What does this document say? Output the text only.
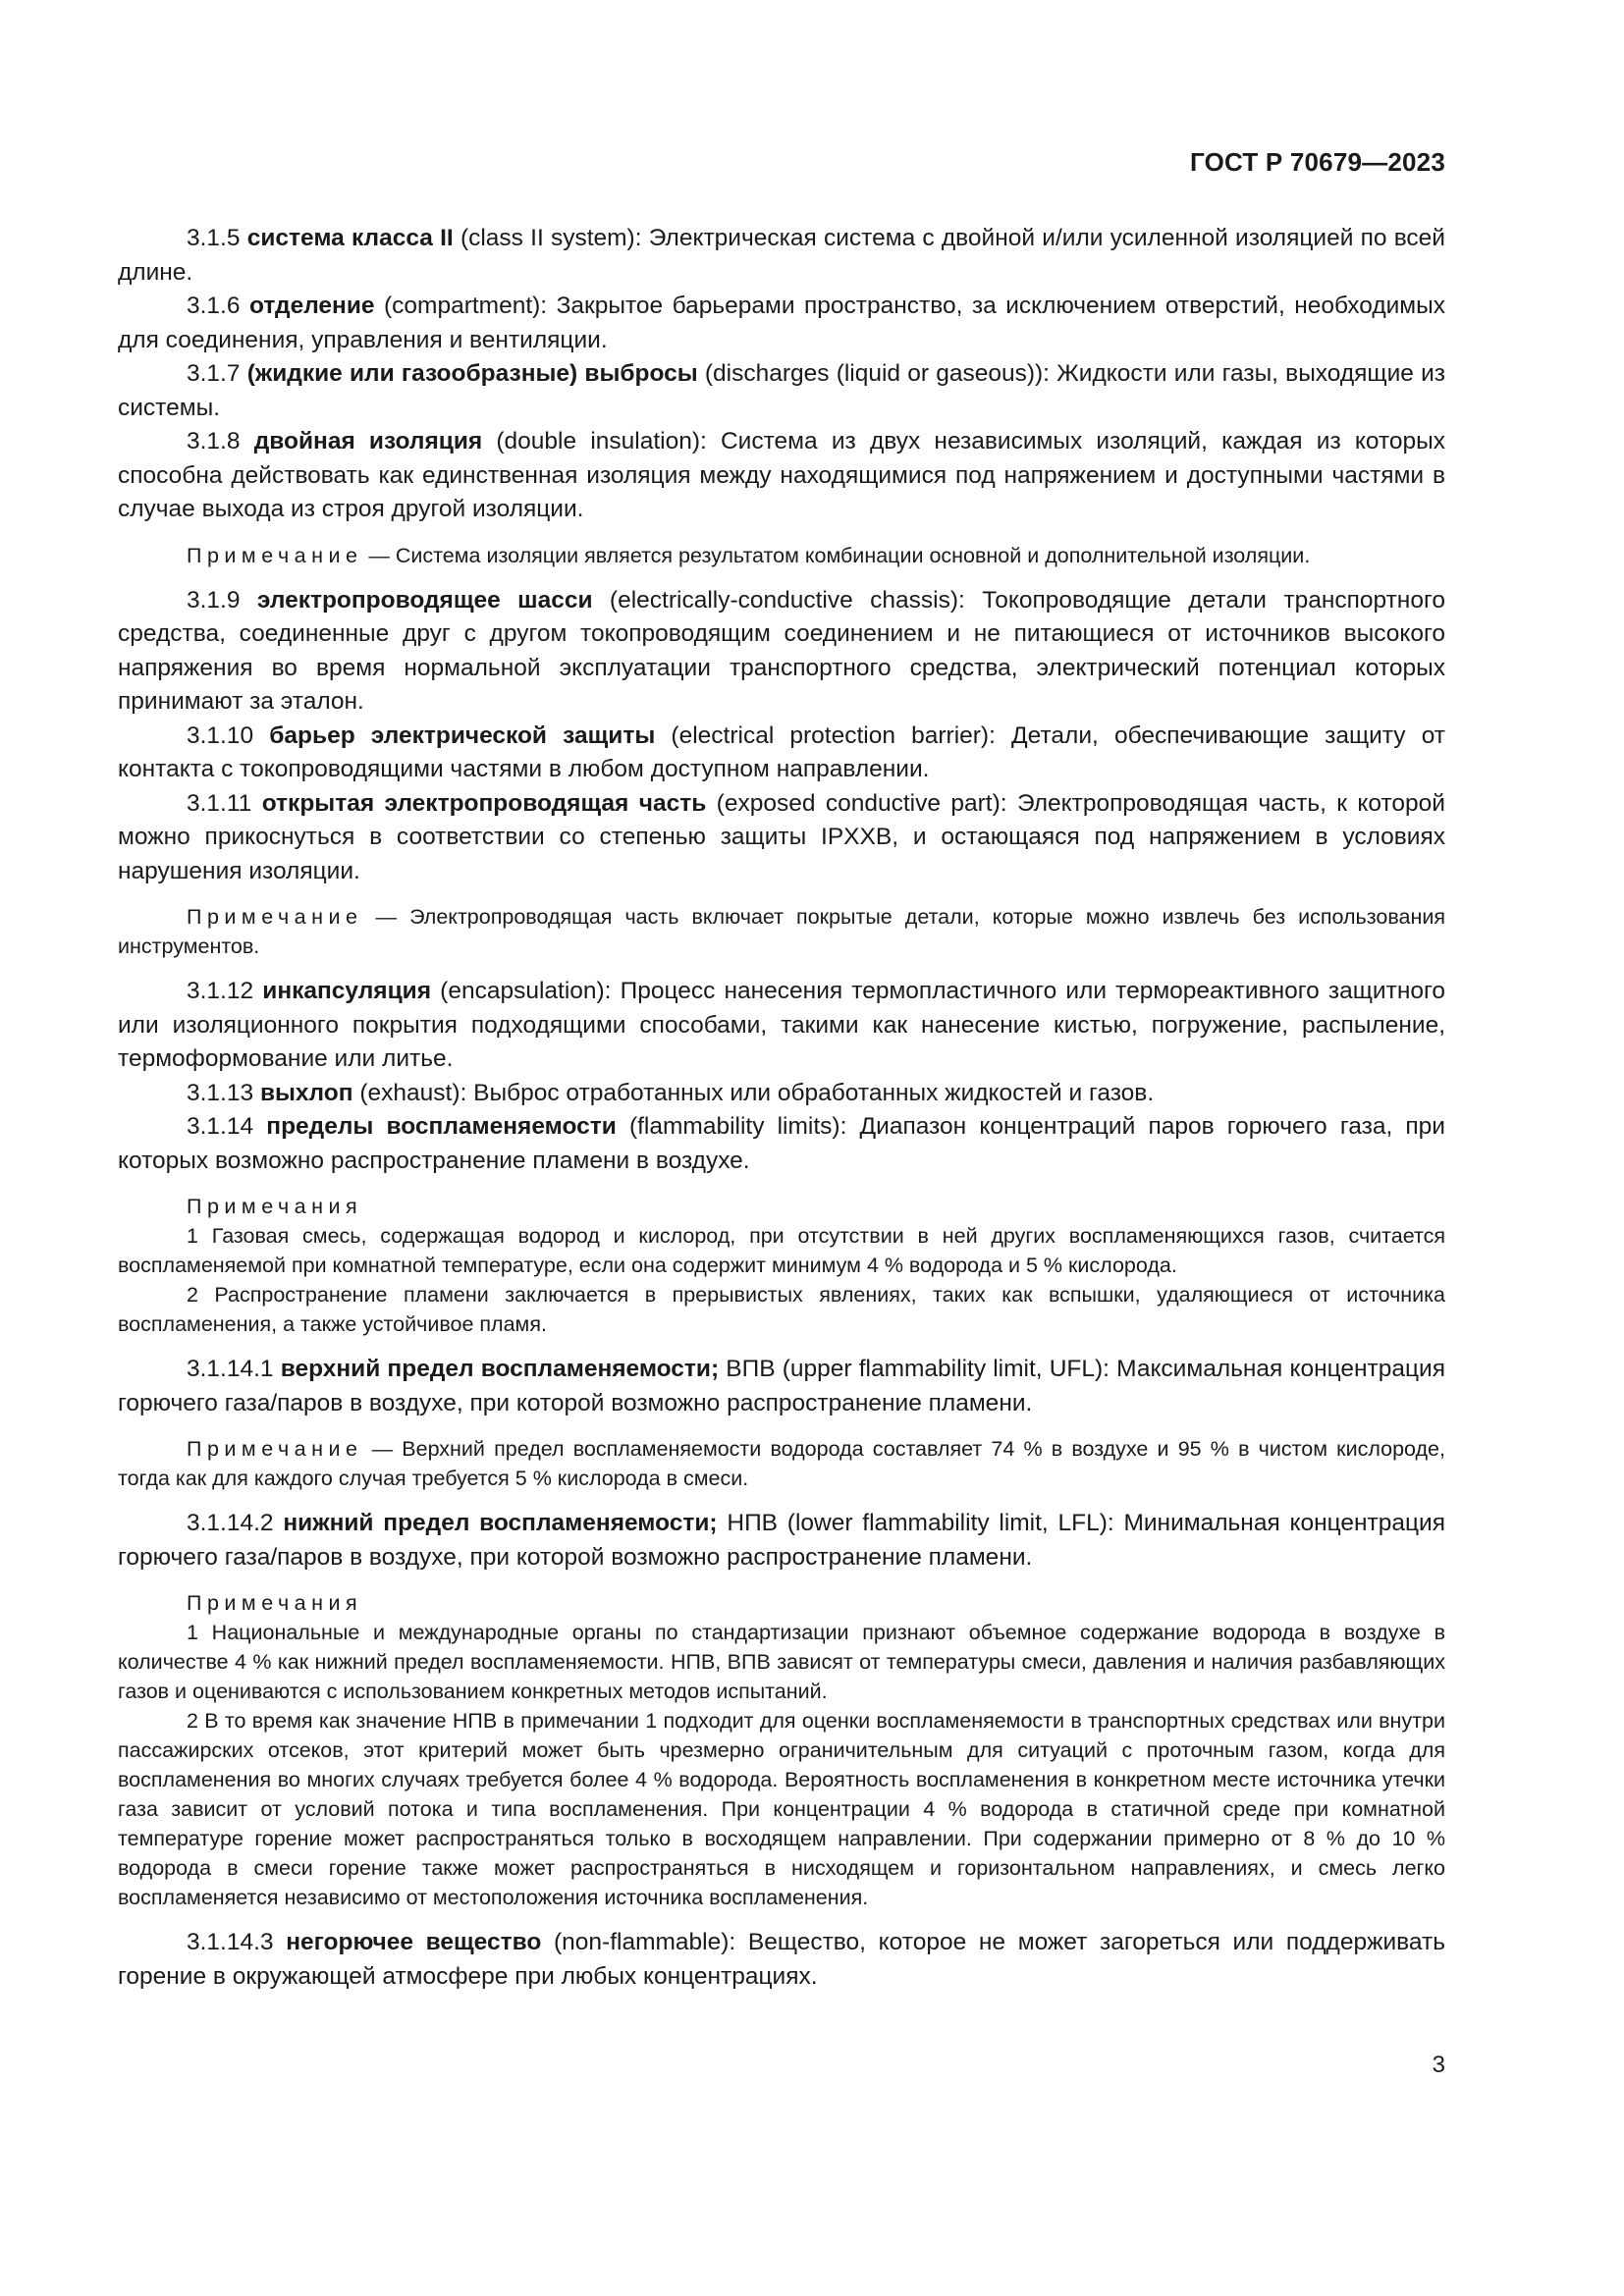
ГОСТ Р 70679—2023

3.1.5 система класса II (class II system): Электрическая система с двойной и/или усиленной изоляцией по всей длине.

3.1.6 отделение (compartment): Закрытое барьерами пространство, за исключением отверстий, необходимых для соединения, управления и вентиляции.

3.1.7 (жидкие или газообразные) выбросы (discharges (liquid or gaseous)): Жидкости или газы, выходящие из системы.

3.1.8 двойная изоляция (double insulation): Система из двух независимых изоляций, каждая из которых способна действовать как единственная изоляция между находящимися под напряжением и доступными частями в случае выхода из строя другой изоляции.

Примечание — Система изоляции является результатом комбинации основной и дополнительной изоляции.

3.1.9 электропроводящее шасси (electrically-conductive chassis): Токопроводящие детали транспортного средства, соединенные друг с другом токопроводящим соединением и не питающиеся от источников высокого напряжения во время нормальной эксплуатации транспортного средства, электрический потенциал которых принимают за эталон.

3.1.10 барьер электрической защиты (electrical protection barrier): Детали, обеспечивающие защиту от контакта с токопроводящими частями в любом доступном направлении.

3.1.11 открытая электропроводящая часть (exposed conductive part): Электропроводящая часть, к которой можно прикоснуться в соответствии со степенью защиты IPXXB, и остающаяся под напряжением в условиях нарушения изоляции.

Примечание — Электропроводящая часть включает покрытые детали, которые можно извлечь без использования инструментов.

3.1.12 инкапсуляция (encapsulation): Процесс нанесения термопластичного или термореактивного защитного или изоляционного покрытия подходящими способами, такими как нанесение кистью, погружение, распыление, термоформование или литье.

3.1.13 выхлоп (exhaust): Выброс отработанных или обработанных жидкостей и газов.

3.1.14 пределы воспламеняемости (flammability limits): Диапазон концентраций паров горючего газа, при которых возможно распространение пламени в воздухе.

Примечания

1 Газовая смесь, содержащая водород и кислород, при отсутствии в ней других воспламеняющихся газов, считается воспламеняемой при комнатной температуре, если она содержит минимум 4 % водорода и 5 % кислорода.

2 Распространение пламени заключается в прерывистых явлениях, таких как вспышки, удаляющиеся от источника воспламенения, а также устойчивое пламя.

3.1.14.1 верхний предел воспламеняемости; ВПВ (upper flammability limit, UFL): Максимальная концентрация горючего газа/паров в воздухе, при которой возможно распространение пламени.

Примечание — Верхний предел воспламеняемости водорода составляет 74 % в воздухе и 95 % в чистом кислороде, тогда как для каждого случая требуется 5 % кислорода в смеси.

3.1.14.2 нижний предел воспламеняемости; НПВ (lower flammability limit, LFL): Минимальная концентрация горючего газа/паров в воздухе, при которой возможно распространение пламени.

Примечания

1 Национальные и международные органы по стандартизации признают объемное содержание водорода в воздухе в количестве 4 % как нижний предел воспламеняемости. НПВ, ВПВ зависят от температуры смеси, давления и наличия разбавляющих газов и оцениваются с использованием конкретных методов испытаний.

2 В то время как значение НПВ в примечании 1 подходит для оценки воспламеняемости в транспортных средствах или внутри пассажирских отсеков, этот критерий может быть чрезмерно ограничительным для ситуаций с проточным газом, когда для воспламенения во многих случаях требуется более 4 % водорода. Вероятность воспламенения в конкретном месте источника утечки газа зависит от условий потока и типа воспламенения. При концентрации 4 % водорода в статичной среде при комнатной температуре горение может распространяться только в восходящем направлении. При содержании примерно от 8 % до 10 % водорода в смеси горение также может распространяться в нисходящем и горизонтальном направлениях, и смесь легко воспламеняется независимо от местоположения источника воспламенения.

3.1.14.3 негорючее вещество (non-flammable): Вещество, которое не может загореться или поддерживать горение в окружающей атмосфере при любых концентрациях.

3
